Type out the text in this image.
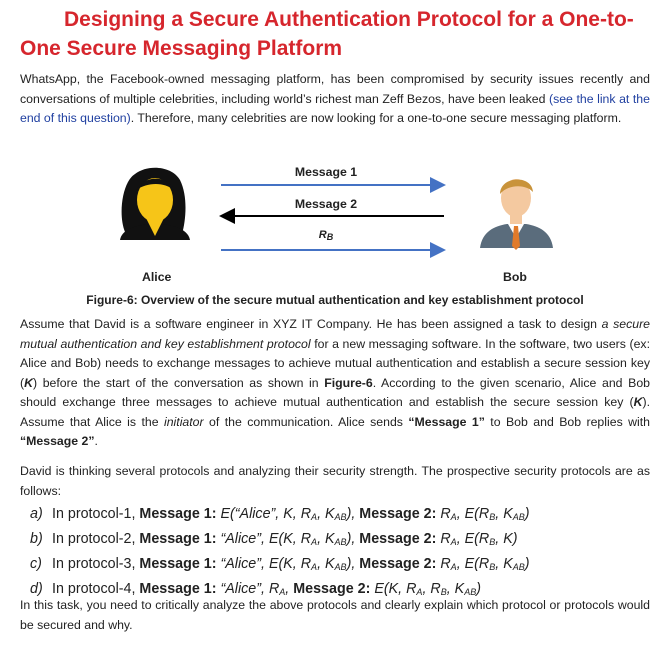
Designing a Secure Authentication Protocol for a One-to-
One Secure Messaging Platform

WhatsApp, the Facebook-owned messaging platform, has been compromised by security issues recently and conversations of multiple celebrities, including world’s richest man Zeff Bezos, have been leaked (see the link at the end of this question). Therefore, many celebrities are now looking for a one-to-one secure messaging platform.

Message 1
Message 2
$R_B$
Alice	Bob

Figure-6: Overview of the secure mutual authentication and key establishment protocol

Assume that David is a software engineer in XYZ IT Company. He has been assigned a task to design a secure mutual authentication and key establishment protocol for a new messaging software. In the software, two users (ex: Alice and Bob) needs to exchange messages to achieve mutual authentication and establish a secure session key (K) before the start of the conversation as shown in Figure-6. According to the given scenario, Alice and Bob should exchange three messages to achieve mutual authentication and establish the secure session key (K). Assume that Alice is the initiator of the communication. Alice sends “Message 1” to Bob and Bob replies with “Message 2”.

David is thinking several protocols and analyzing their security strength. The prospective security protocols are as follows:

a) In protocol-1, Message 1: E(“Alice”, K, $R_A$, $K_{AB}$), Message 2: $R_A$, $E(R_B$, $K_{AB}$)
b) In protocol-2, Message 1: “Alice”, E(K, $R_A$, $K_{AB}$), Message 2: $R_A$, $E(R_B$, K)
c) In protocol-3, Message 1: “Alice”, E(K, $R_A$, $K_{AB}$), Message 2: $R_A$, $E(R_B$, $K_{AB}$)
d) In protocol-4, Message 1: “Alice”, $R_A$, Message 2: E(K, $R_A$, $R_B$, $K_{AB}$)

In this task, you need to critically analyze the above protocols and clearly explain which protocol or protocols would be secured and why.
